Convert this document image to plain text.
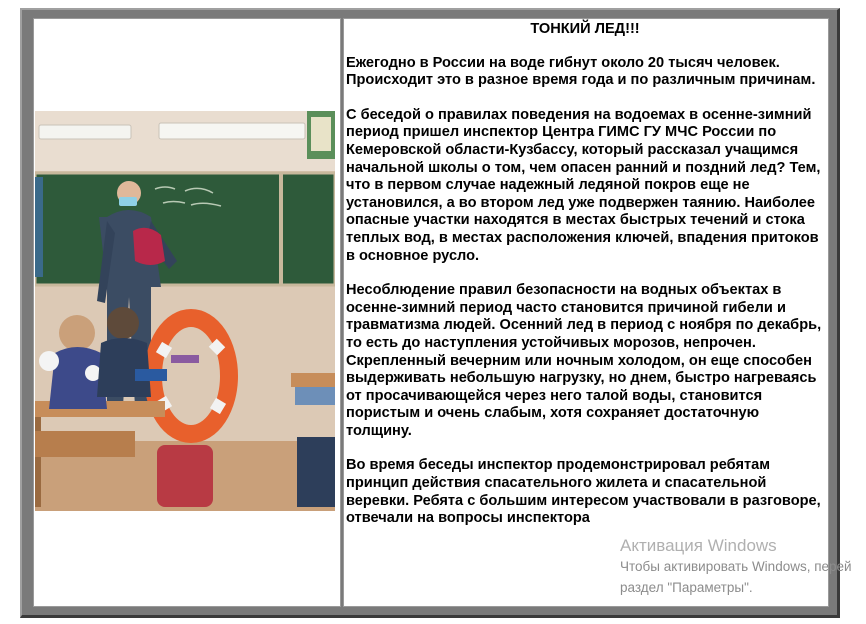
ТОНКИЙ ЛЕД!!!

Ежегодно в России на воде гибнут около 20 тысяч человек. Происходит это в разное время года и по различным причинам.

С беседой о правилах поведения на водоемах в осенне-зимний период пришел инспектор Центра ГИМС ГУ МЧС России по Кемеровской области-Кузбассу, который рассказал учащимся начальной школы о том, чем опасен ранний и поздний лед? Тем, что в первом случае надежный ледяной покров еще не установился, а во втором лед уже подвержен таянию. Наиболее опасные участки находятся в местах быстрых течений и стока теплых вод, в местах расположения ключей, впадения притоков в основное русло.

Несоблюдение правил безопасности на водных объектах в осенне-зимний период часто становится причиной гибели и травматизма людей. Осенний лед в период с ноября по декабрь, то есть до наступления устойчивых морозов, непрочен. Скрепленный вечерним или ночным холодом, он еще способен выдерживать небольшую нагрузку, но днем, быстро нагреваясь от просачивающейся через него талой воды, становится пористым и очень слабым, хотя сохраняет достаточную толщину.

Во время беседы инспектор продемонстрировал ребятам принцип действия спасательного жилета и спасательной веревки. Ребята с большим интересом участвовали в разговоре, отвечали на вопросы инспектора

Активация Windows
Чтобы активировать Windows, перей
раздел "Параметры".
